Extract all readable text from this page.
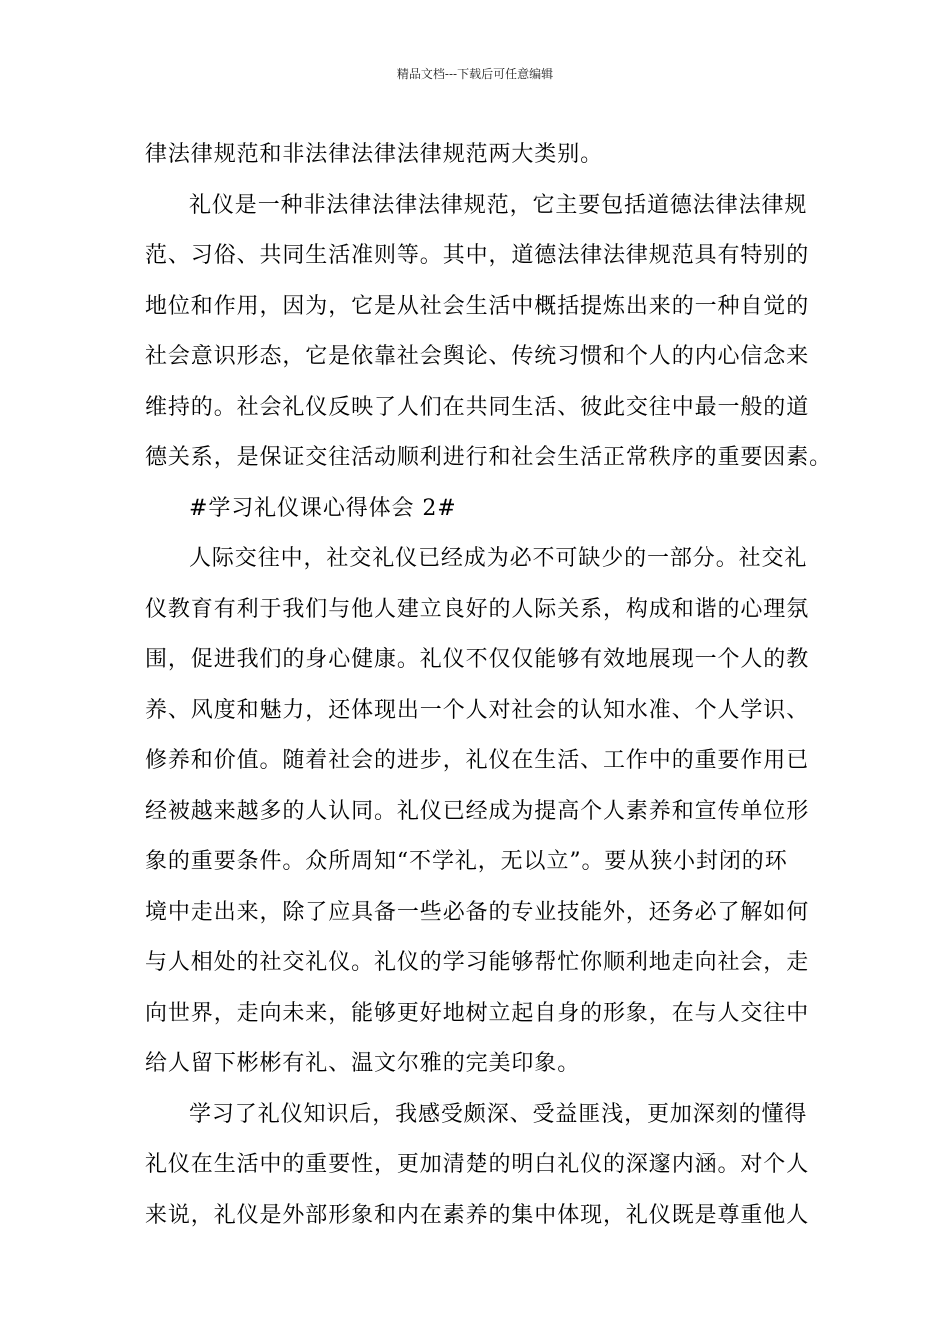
精品文档---下载后可任意编辑
律法律规范和非法律法律法律规范两大类别。
礼仪是一种非法律法律法律规范，它主要包括道德法律法律规
范、习俗、共同生活准则等。其中，道德法律法律规范具有特别的
地位和作用，因为，它是从社会生活中概括提炼出来的一种自觉的
社会意识形态，它是依靠社会舆论、传统习惯和个人的内心信念来
维持的。社会礼仪反映了人们在共同生活、彼此交往中最一般的道
德关系，是保证交往活动顺利进行和社会生活正常秩序的重要因素。
#学习礼仪课心得体会 2#
人际交往中，社交礼仪已经成为必不可缺少的一部分。社交礼
仪教育有利于我们与他人建立良好的人际关系，构成和谐的心理氛
围，促进我们的身心健康。礼仪不仅仅能够有效地展现一个人的教
养、风度和魅力，还体现出一个人对社会的认知水准、个人学识、
修养和价值。随着社会的进步，礼仪在生活、工作中的重要作用已
经被越来越多的人认同。礼仪已经成为提高个人素养和宣传单位形
象的重要条件。众所周知“不学礼，无以立”。要从狭小封闭的环
境中走出来，除了应具备一些必备的专业技能外，还务必了解如何
与人相处的社交礼仪。礼仪的学习能够帮忙你顺利地走向社会，走
向世界，走向未来，能够更好地树立起自身的形象，在与人交往中
给人留下彬彬有礼、温文尔雅的完美印象。
学习了礼仪知识后，我感受颇深、受益匪浅，更加深刻的懂得
礼仪在生活中的重要性，更加清楚的明白礼仪的深邃内涵。对个人
来说，礼仪是外部形象和内在素养的集中体现，礼仪既是尊重他人
